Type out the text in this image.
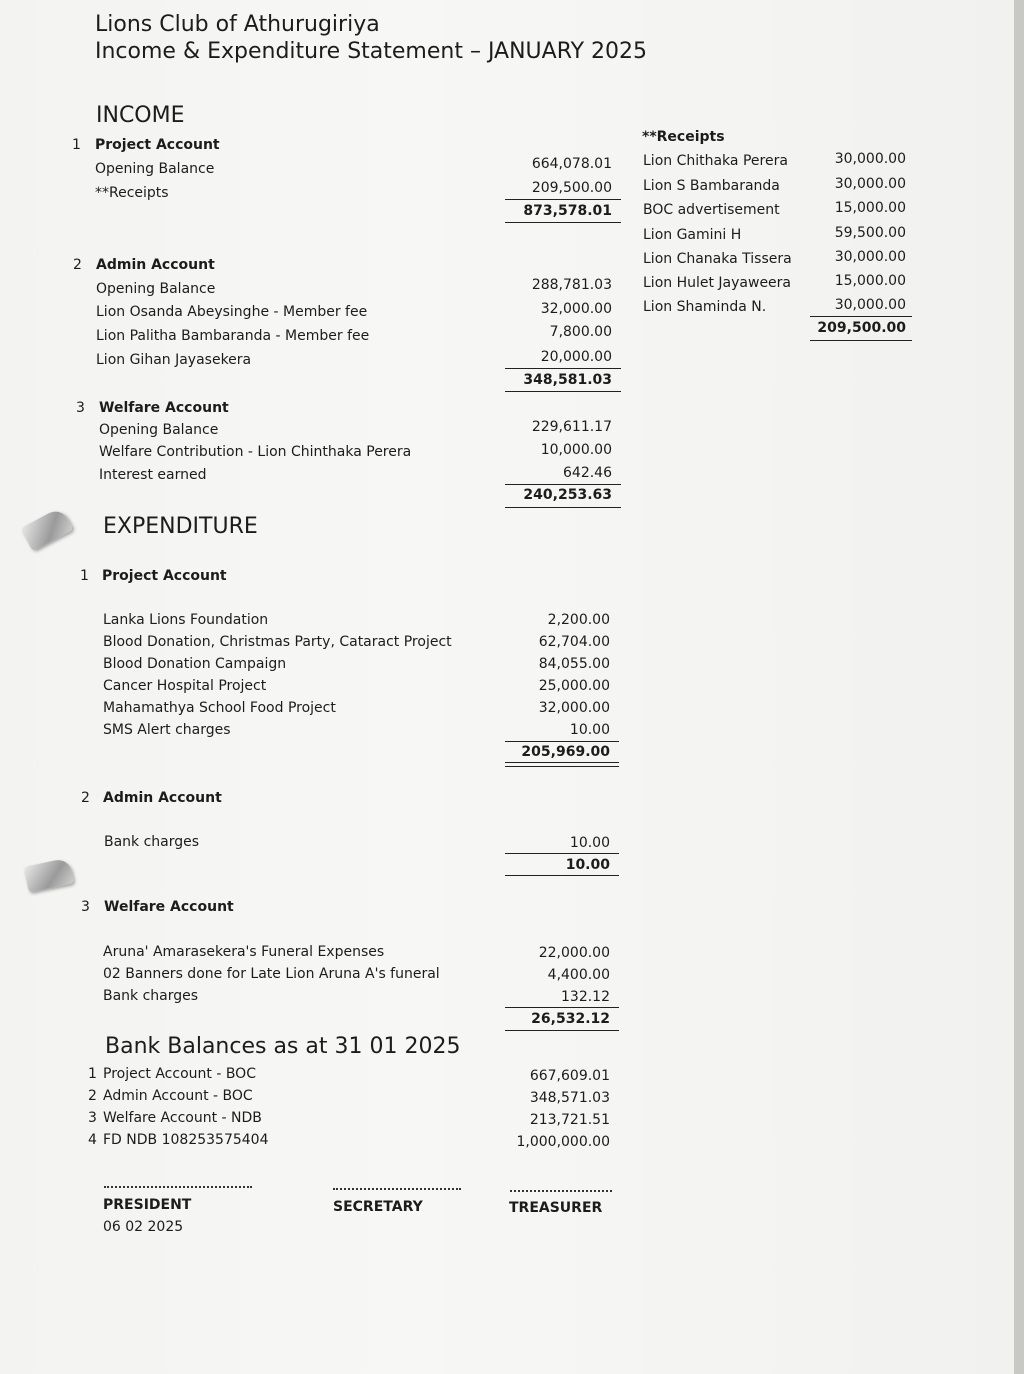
Lions Club of Athurugiriya
Income & Expenditure Statement – JANUARY 2025
INCOME
1 Project Account
Opening Balance	664,078.01
**Receipts	209,500.00
873,578.01
2 Admin Account
Opening Balance	288,781.03
Lion Osanda Abeysinghe - Member fee	32,000.00
Lion Palitha Bambaranda - Member fee	7,800.00
Lion Gihan Jayasekera	20,000.00
348,581.03
3 Welfare Account
Opening Balance	229,611.17
Welfare Contribution - Lion Chinthaka Perera	10,000.00
Interest earned	642.46
240,253.63
**Receipts
Lion Chithaka Perera	30,000.00
Lion S Bambaranda	30,000.00
BOC advertisement	15,000.00
Lion Gamini H	59,500.00
Lion Chanaka Tissera	30,000.00
Lion Hulet Jayaweera	15,000.00
Lion Shaminda N.	30,000.00
209,500.00
EXPENDITURE
1 Project Account
Lanka Lions Foundation	2,200.00
Blood Donation, Christmas Party, Cataract Project	62,704.00
Blood Donation Campaign	84,055.00
Cancer Hospital Project	25,000.00
Mahamathya School Food Project	32,000.00
SMS Alert charges	10.00
205,969.00
2 Admin Account
Bank charges	10.00
10.00
3 Welfare Account
Aruna' Amarasekera's Funeral Expenses	22,000.00
02 Banners done for Late Lion Aruna A's funeral	4,400.00
Bank charges	132.12
26,532.12
Bank Balances as at 31 01 2025
1 Project Account - BOC	667,609.01
2 Admin Account - BOC	348,571.03
3 Welfare Account - NDB	213,721.51
4 FD NDB 108253575404	1,000,000.00
PRESIDENT	SECRETARY	TREASURER
06 02 2025
